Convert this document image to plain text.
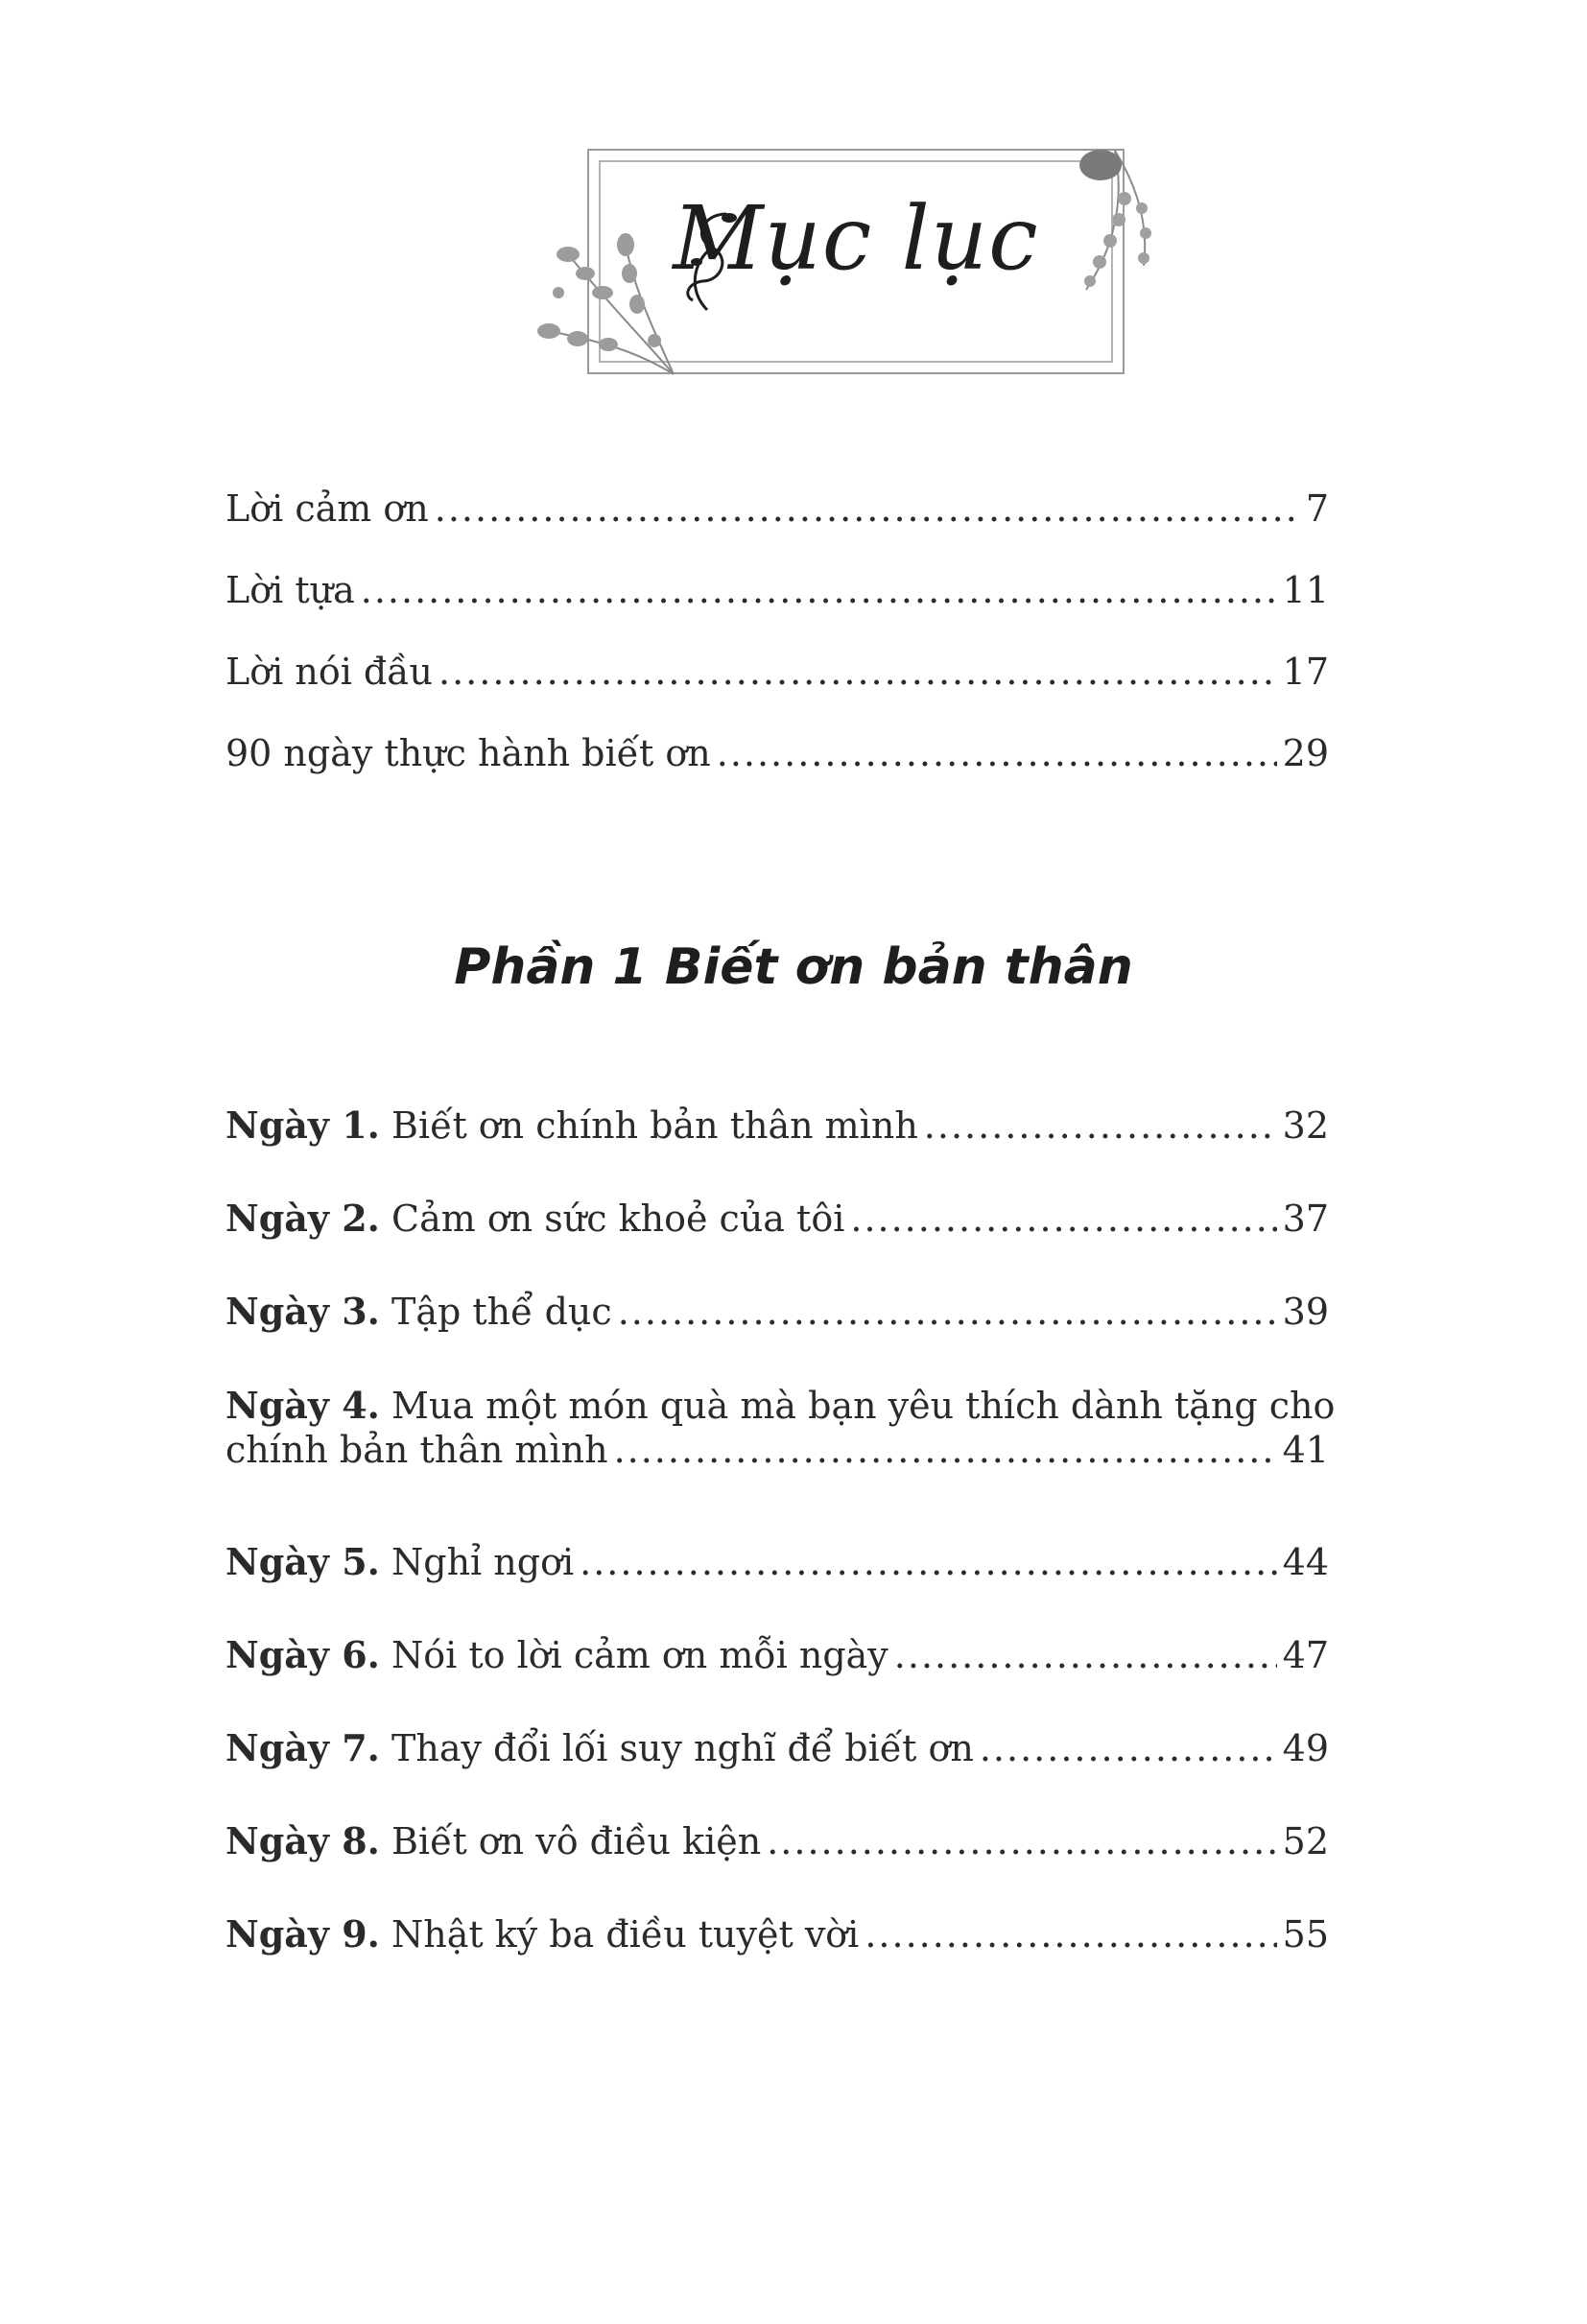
Mục lục
Lời cảm ơn .....	7
Lời tựa .....	11
Lời nói đầu .....	17
90 ngày thực hành biết ơn .....	29
Phần 1 Biết ơn bản thân
Ngày 1. Biết ơn chính bản thân mình .....	32
Ngày 2. Cảm ơn sức khoẻ của tôi .....	37
Ngày 3. Tập thể dục .....	39
Ngày 4. Mua một món quà mà bạn yêu thích dành tặng cho
chính bản thân mình .....	41
Ngày 5. Nghỉ ngơi .....	44
Ngày 6. Nói to lời cảm ơn mỗi ngày .....	47
Ngày 7. Thay đổi lối suy nghĩ để biết ơn .....	49
Ngày 8. Biết ơn vô điều kiện .....	52
Ngày 9. Nhật ký ba điều tuyệt vời .....	55
